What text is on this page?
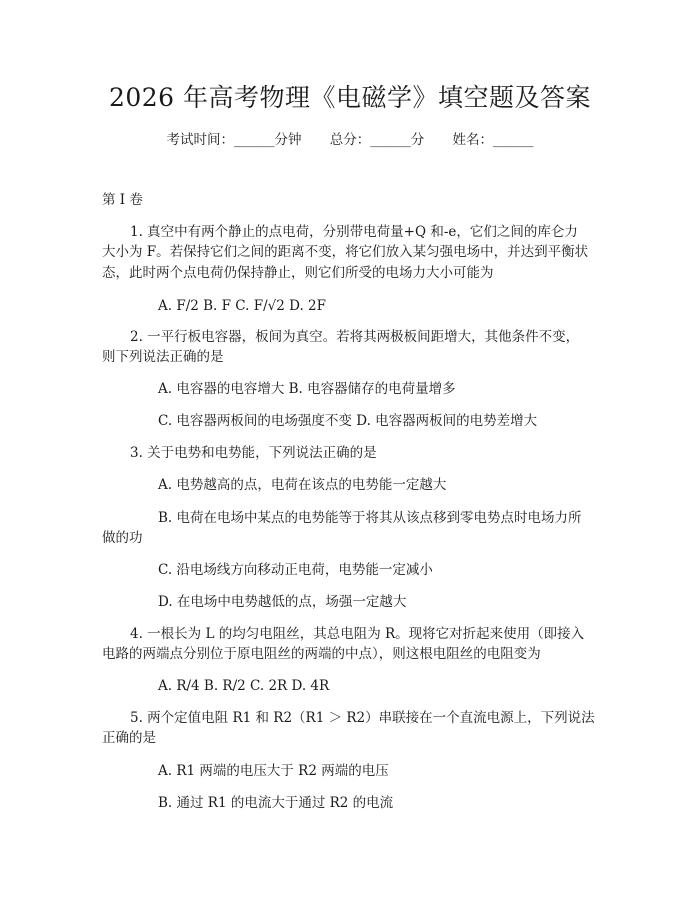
2026 年高考物理《电磁学》填空题及答案
考试时间：______分钟 总分：______分 姓名：______
第 I 卷
1. 真空中有两个静止的点电荷，分别带电荷量+Q 和-e，它们之间的库仑力
大小为 F。若保持它们之间的距离不变，将它们放入某匀强电场中，并达到平衡状
态，此时两个点电荷仍保持静止，则它们所受的电场力大小可能为
A. F/2 B. F C. F/√2 D. 2F
2. 一平行板电容器，板间为真空。若将其两极板间距增大，其他条件不变，
则下列说法正确的是
A. 电容器的电容增大 B. 电容器储存的电荷量增多
C. 电容器两板间的电场强度不变 D. 电容器两板间的电势差增大
3. 关于电势和电势能，下列说法正确的是
A. 电势越高的点，电荷在该点的电势能一定越大
B. 电荷在电场中某点的电势能等于将其从该点移到零电势点时电场力所
做的功
C. 沿电场线方向移动正电荷，电势能一定减小
D. 在电场中电势越低的点，场强一定越大
4. 一根长为 L 的均匀电阻丝，其总电阻为 R。现将它对折起来使用（即接入
电路的两端点分别位于原电阻丝的两端的中点），则这根电阻丝的电阻变为
A. R/4 B. R/2 C. 2R D. 4R
5. 两个定值电阻 R1 和 R2（R1 ＞ R2）串联接在一个直流电源上，下列说法
正确的是
A. R1 两端的电压大于 R2 两端的电压
B. 通过 R1 的电流大于通过 R2 的电流
